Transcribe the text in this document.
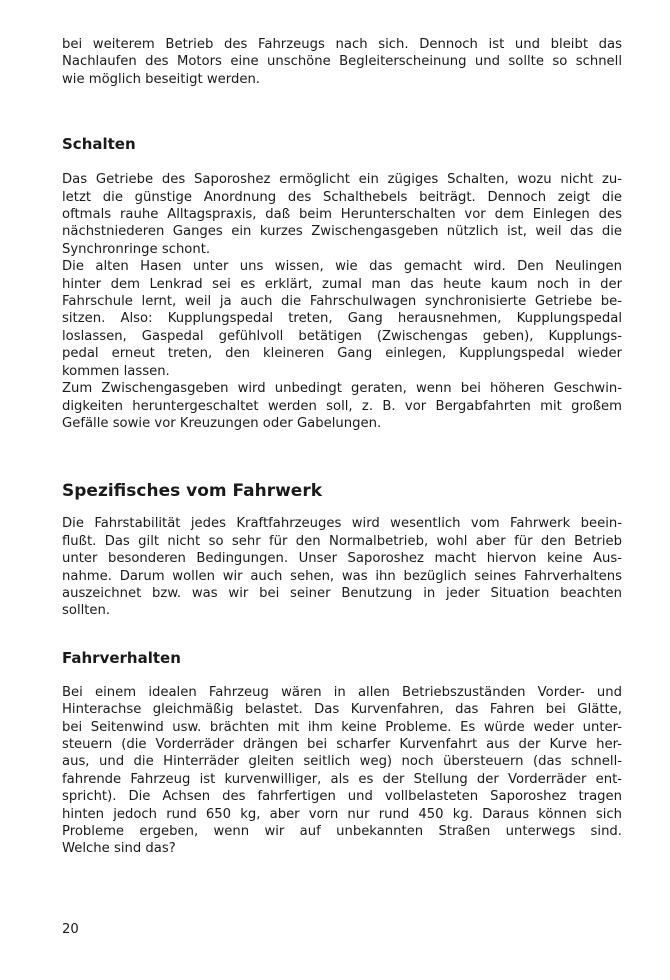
bei weiterem Betrieb des Fahrzeugs nach sich. Dennoch ist und bleibt das
Nachlaufen des Motors eine unschöne Begleiterscheinung und sollte so schnell
wie möglich beseitigt werden.
Schalten
Das Getriebe des Saporoshez ermöglicht ein zügiges Schalten, wozu nicht zu-
letzt die günstige Anordnung des Schalthebels beiträgt. Dennoch zeigt die
oftmals rauhe Alltagspraxis, daß beim Herunterschalten vor dem Einlegen des
nächstniederen Ganges ein kurzes Zwischengasgeben nützlich ist, weil das die
Synchronringe schont.
Die alten Hasen unter uns wissen, wie das gemacht wird. Den Neulingen
hinter dem Lenkrad sei es erklärt, zumal man das heute kaum noch in der
Fahrschule lernt, weil ja auch die Fahrschulwagen synchronisierte Getriebe be-
sitzen. Also: Kupplungspedal treten, Gang herausnehmen, Kupplungspedal
loslassen, Gaspedal gefühlvoll betätigen (Zwischengas geben), Kupplungs-
pedal erneut treten, den kleineren Gang einlegen, Kupplungspedal wieder
kommen lassen.
Zum Zwischengasgeben wird unbedingt geraten, wenn bei höheren Geschwin-
digkeiten heruntergeschaltet werden soll, z. B. vor Bergabfahrten mit großem
Gefälle sowie vor Kreuzungen oder Gabelungen.
Spezifisches vom Fahrwerk
Die Fahrstabilität jedes Kraftfahrzeuges wird wesentlich vom Fahrwerk beein-
flußt. Das gilt nicht so sehr für den Normalbetrieb, wohl aber für den Betrieb
unter besonderen Bedingungen. Unser Saporoshez macht hiervon keine Aus-
nahme. Darum wollen wir auch sehen, was ihn bezüglich seines Fahrverhaltens
auszeichnet bzw. was wir bei seiner Benutzung in jeder Situation beachten
sollten.
Fahrverhalten
Bei einem idealen Fahrzeug wären in allen Betriebszuständen Vorder- und
Hinterachse gleichmäßig belastet. Das Kurvenfahren, das Fahren bei Glätte,
bei Seitenwind usw. brächten mit ihm keine Probleme. Es würde weder unter-
steuern (die Vorderräder drängen bei scharfer Kurvenfahrt aus der Kurve her-
aus, und die Hinterräder gleiten seitlich weg) noch übersteuern (das schnell-
fahrende Fahrzeug ist kurvenwilliger, als es der Stellung der Vorderräder ent-
spricht). Die Achsen des fahrfertigen und vollbelasteten Saporoshez tragen
hinten jedoch rund 650 kg, aber vorn nur rund 450 kg. Daraus können sich
Probleme ergeben, wenn wir auf unbekannten Straßen unterwegs sind.
Welche sind das?
20
